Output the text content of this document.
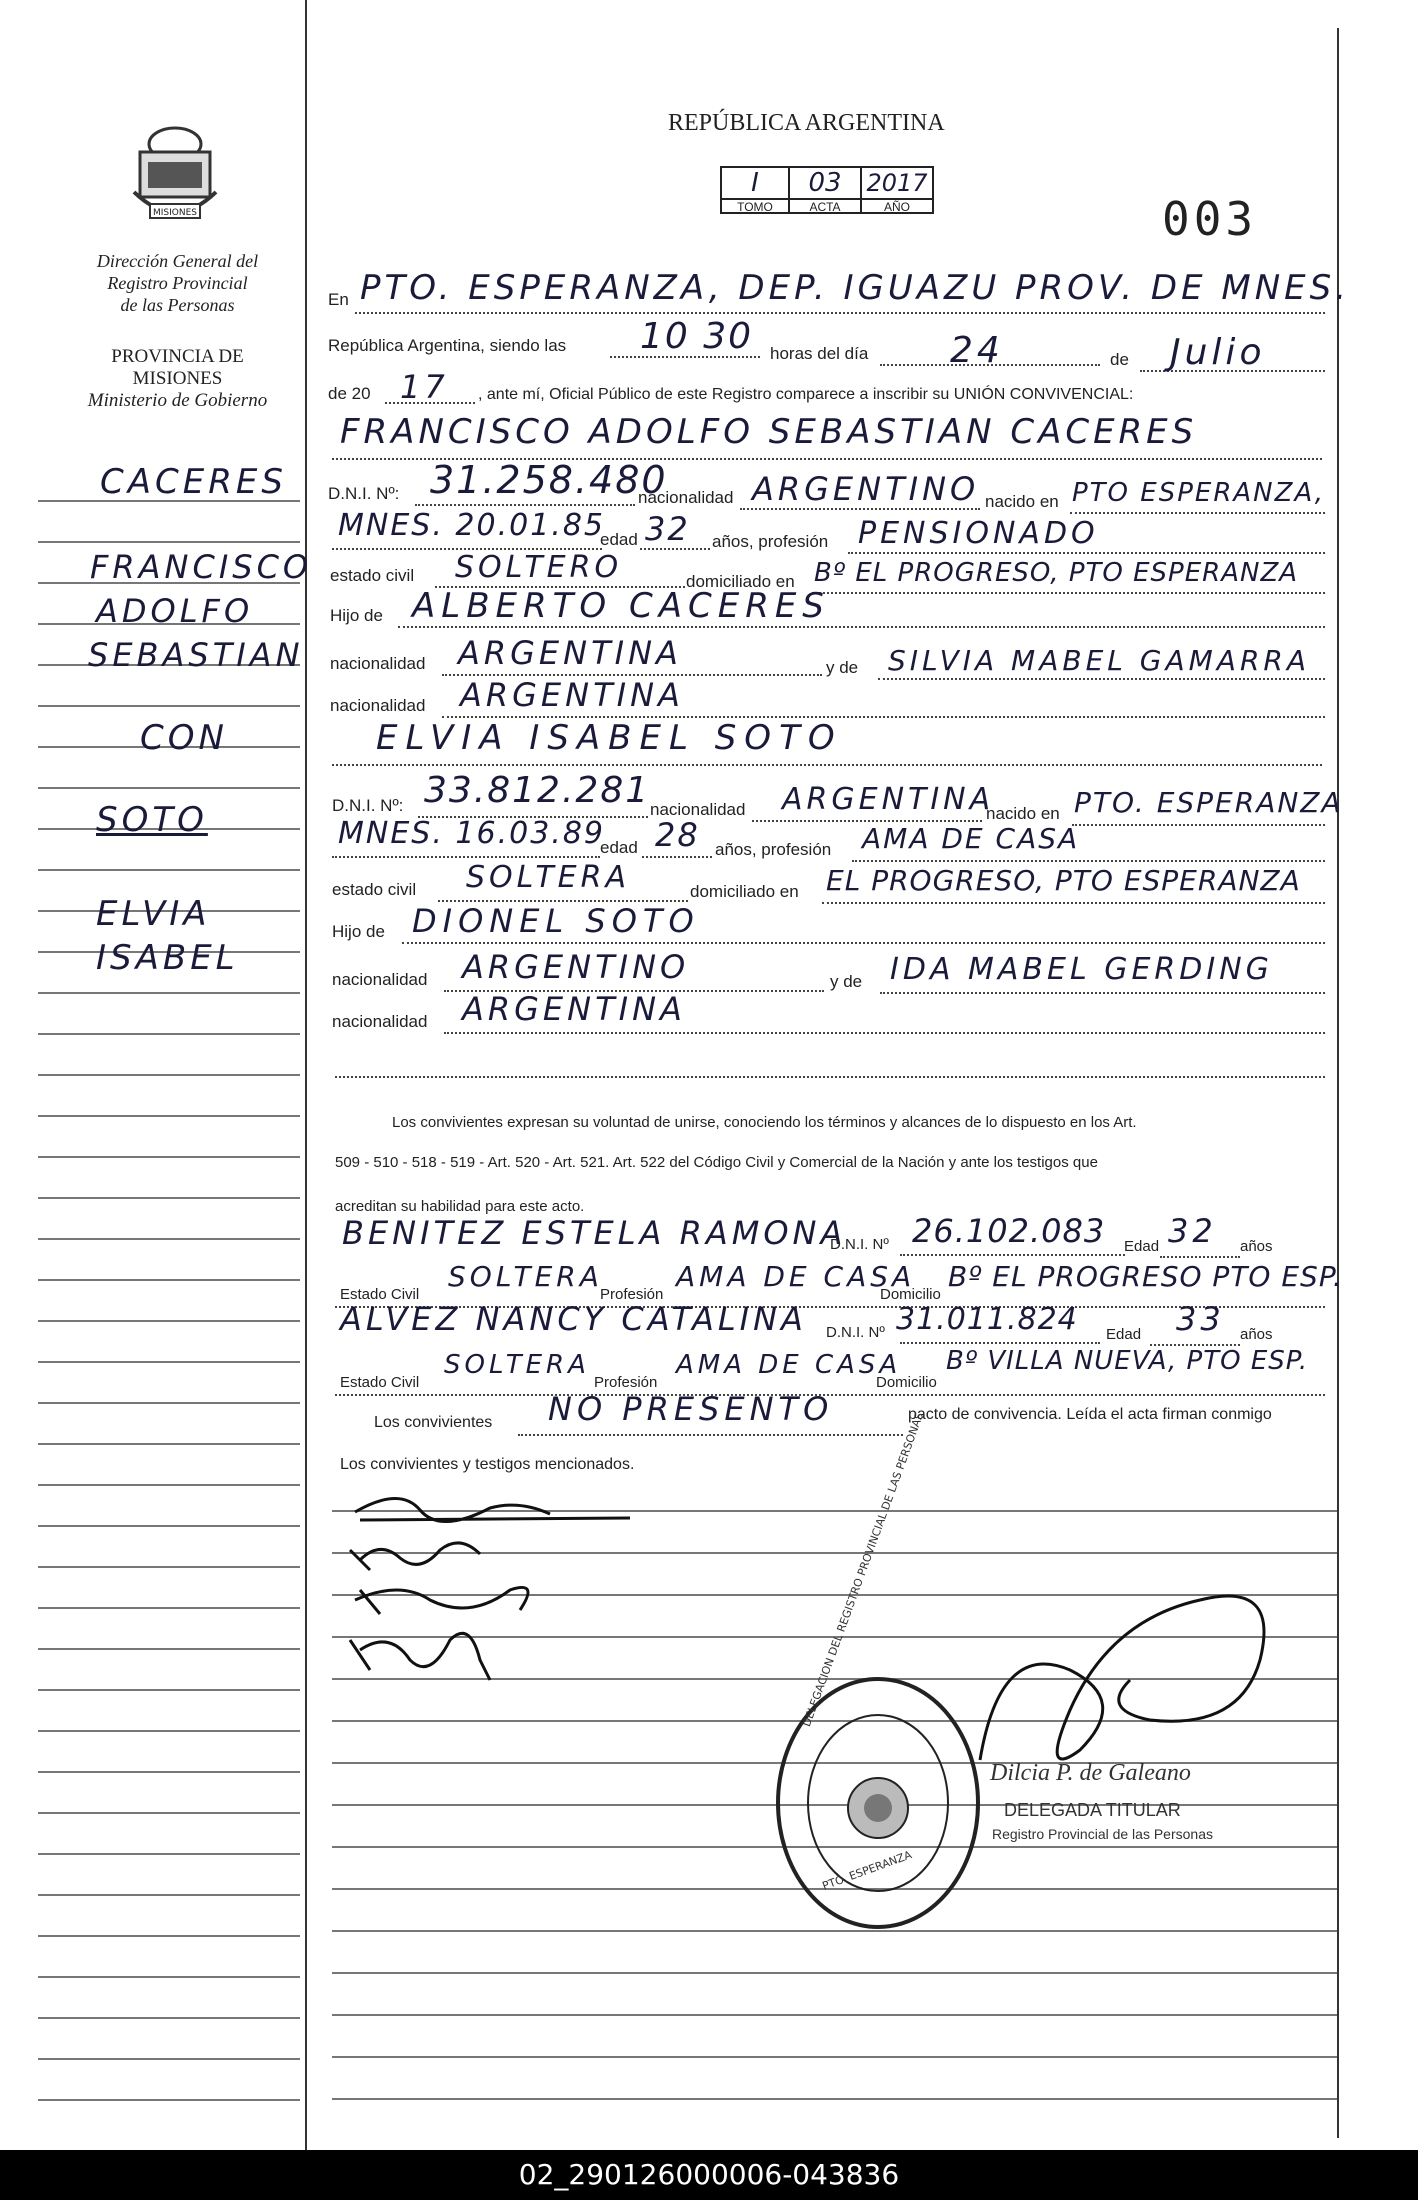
MISIONES
Dirección General del
Registro Provincial
de las Personas
PROVINCIA DE
MISIONES
Ministerio de Gobierno
CACERES
FRANCISCO
ADOLFO
SEBASTIAN
CON
SOTO
ELVIA
ISABEL
REPÚBLICA ARGENTINA
I
TOMO
03
ACTA
2017
AÑO	003
En PTO. ESPERANZA, DEP. IGUAZU PROV. DE MNES.
República Argentina, siendo las 10 30 horas del día 24	de Julio
de 20 17 , ante mí, Oficial Público de este Registro comparece a inscribir su UNIÓN CONVIVENCIAL:
FRANCISCO ADOLFO SEBASTIAN CACERES
D.N.I. Nº: 31.258.480
nacionalidad ARGENTINO nacido en PTO ESPERANZA,
MNES. 20.01.85
edad 32 años, profesión PENSIONADO
estado civil SOLTERO	domiciliado en Bº EL PROGRESO, PTO ESPERANZA
Hijo de ALBERTO CACERES
nacionalidad ARGENTINA	y de SILVIA MABEL GAMARRA
nacionalidad ARGENTINA
ELVIA ISABEL SOTO
D.N.I. Nº: 33.812.281 nacionalidad ARGENTINA
nacido en PTO. ESPERANZA
MNES. 16.03.89
edad 28 años, profesión AMA DE CASA
estado civil SOLTERA	domiciliado en EL PROGRESO, PTO ESPERANZA
Hijo de DIONEL SOTO
nacionalidad ARGENTINO	y de IDA MABEL GERDING
nacionalidad ARGENTINA
Los convivientes expresan su voluntad de unirse, conociendo los términos y alcances de lo dispuesto en los Art.
509 - 510 - 518 - 519 - Art. 520 - Art. 521. Art. 522 del Código Civil y Comercial de la Nación y ante los testigos que
acreditan su habilidad para este acto.
BENITEZ ESTELA RAMONA
D.N.I. Nº 26.102.083 Edad 32 años
Estado Civil
SOLTERA
Profesión
AMA DE CASA
Domicilio
Bº EL PROGRESO PTO ESP.
ALVEZ NANCY CATALINA D.N.I. Nº 31.011.824 Edad 33 años
Estado Civil
SOLTERA
Profesión
AMA DE CASA
Domicilio
Bº VILLA NUEVA, PTO ESP.
Los convivientes NO PRESENTO	pacto de convivencia. Leída el acta firman conmigo
Los convivientes y testigos mencionados.	DELEGACION DEL REGISTRO PROVINCIAL DE LAS PERSONAS
PTO. ESPERANZA
Dilcia P. de Galeano
DELEGADA TITULAR
Registro Provincial de las Personas
02_290126000006-043836
